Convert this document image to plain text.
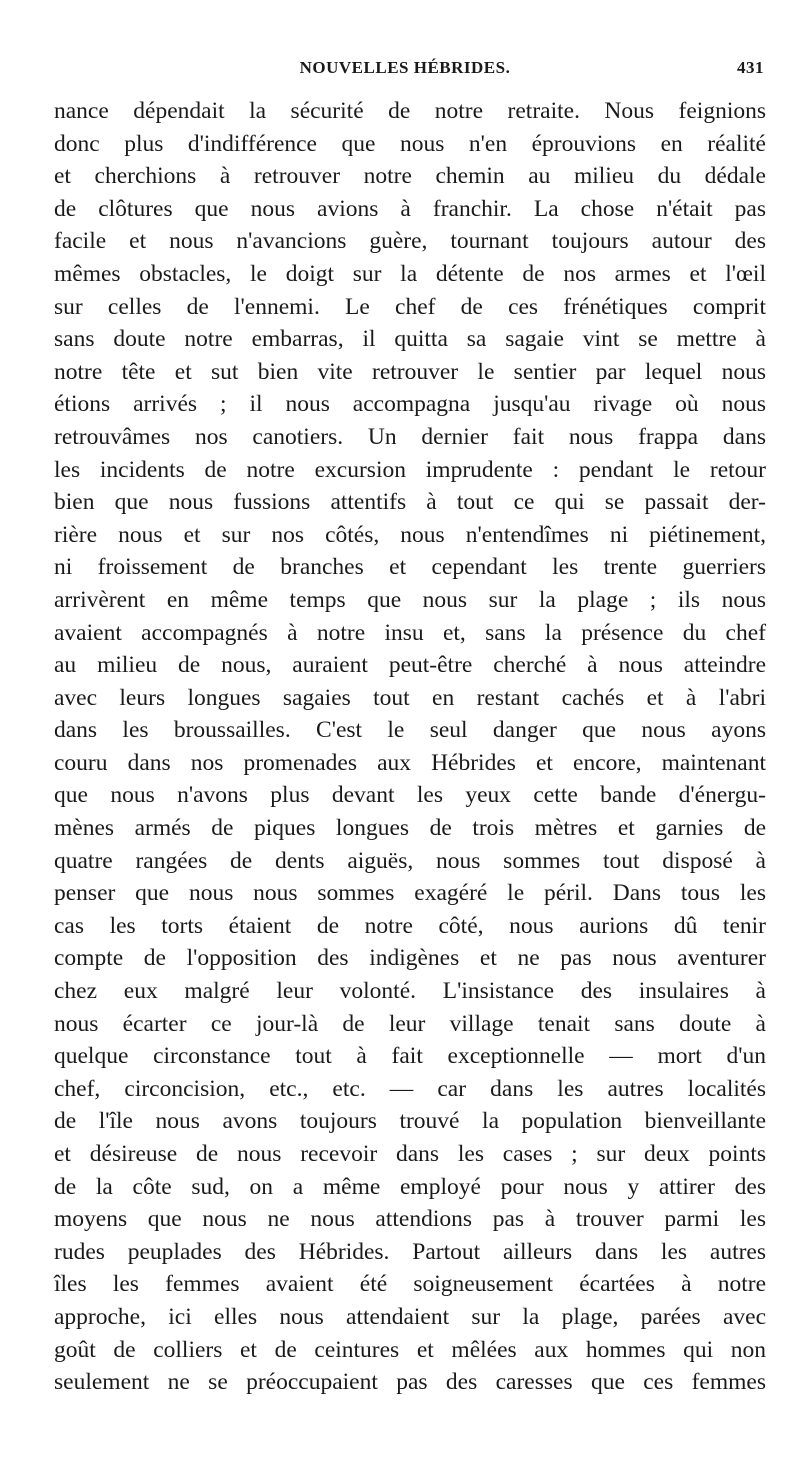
NOUVELLES HÉBRIDES.	431
nance dépendait la sécurité de notre retraite. Nous feignions
donc plus d'indifférence que nous n'en éprouvions en réalité
et cherchions à retrouver notre chemin au milieu du dédale
de clôtures que nous avions à franchir. La chose n'était pas
facile et nous n'avancions guère, tournant toujours autour des
mêmes obstacles, le doigt sur la détente de nos armes et l'œil
sur celles de l'ennemi. Le chef de ces frénétiques comprit
sans doute notre embarras, il quitta sa sagaie vint se mettre à
notre tête et sut bien vite retrouver le sentier par lequel nous
étions arrivés ; il nous accompagna jusqu'au rivage où nous
retrouvâmes nos canotiers. Un dernier fait nous frappa dans
les incidents de notre excursion imprudente : pendant le retour
bien que nous fussions attentifs à tout ce qui se passait der-
rière nous et sur nos côtés, nous n'entendîmes ni piétinement,
ni froissement de branches et cependant les trente guerriers
arrivèrent en même temps que nous sur la plage ; ils nous
avaient accompagnés à notre insu et, sans la présence du chef
au milieu de nous, auraient peut-être cherché à nous atteindre
avec leurs longues sagaies tout en restant cachés et à l'abri
dans les broussailles. C'est le seul danger que nous ayons
couru dans nos promenades aux Hébrides et encore, maintenant
que nous n'avons plus devant les yeux cette bande d'énergu-
mènes armés de piques longues de trois mètres et garnies de
quatre rangées de dents aiguës, nous sommes tout disposé à
penser que nous nous sommes exagéré le péril. Dans tous les
cas les torts étaient de notre côté, nous aurions dû tenir
compte de l'opposition des indigènes et ne pas nous aventurer
chez eux malgré leur volonté. L'insistance des insulaires à
nous écarter ce jour-là de leur village tenait sans doute à
quelque circonstance tout à fait exceptionnelle — mort d'un
chef, circoncision, etc., etc. — car dans les autres localités
de l'île nous avons toujours trouvé la population bienveillante
et désireuse de nous recevoir dans les cases ; sur deux points
de la côte sud, on a même employé pour nous y attirer des
moyens que nous ne nous attendions pas à trouver parmi les
rudes peuplades des Hébrides. Partout ailleurs dans les autres
îles les femmes avaient été soigneusement écartées à notre
approche, ici elles nous attendaient sur la plage, parées avec
goût de colliers et de ceintures et mêlées aux hommes qui non
seulement ne se préoccupaient pas des caresses que ces femmes
